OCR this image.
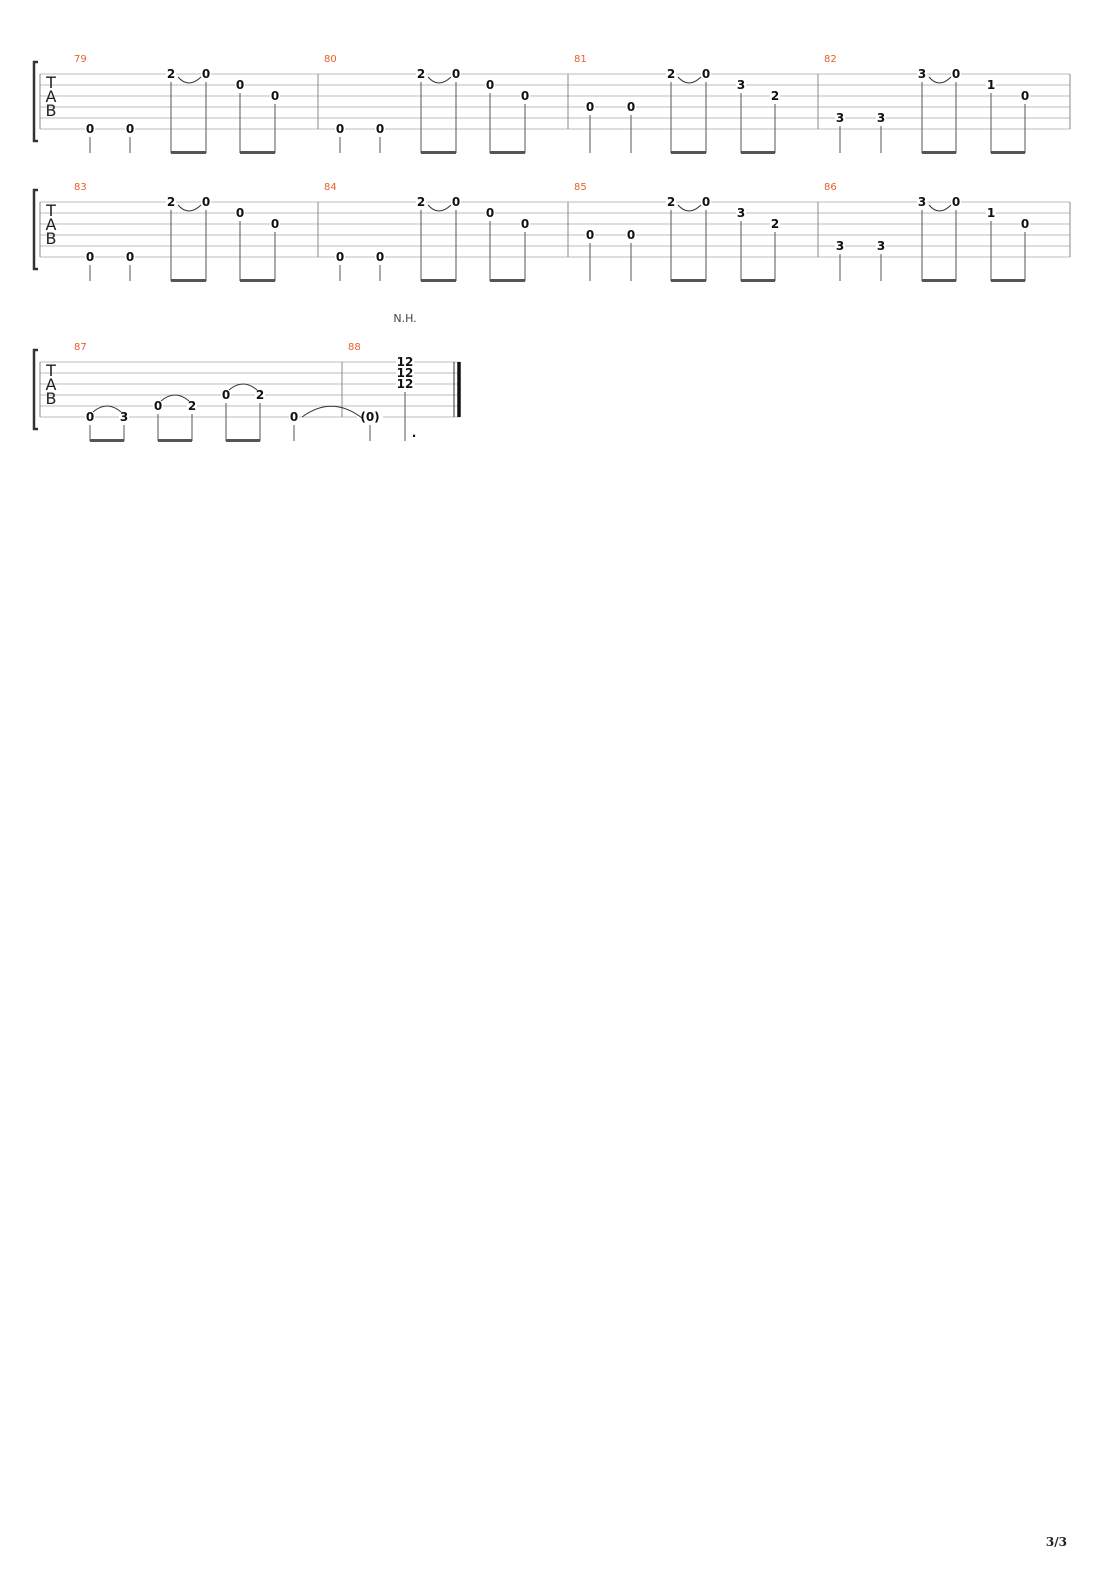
T
A
B
79	80	81	82
0	0
2 0
0
0
0	0
2 0
0
0
0	0
2 0
3
2
3	3
3 0
1
0
T
A
B
83	84	85	86
0	0
2 0
0
0
0	0
2 0
0
0
0	0
2 0
3
2
3	3
3 0
1
0
T
A
B
87	88
0 3
0 2
0 2
0	(0)
12
12
12
.
N.H.
3/3
